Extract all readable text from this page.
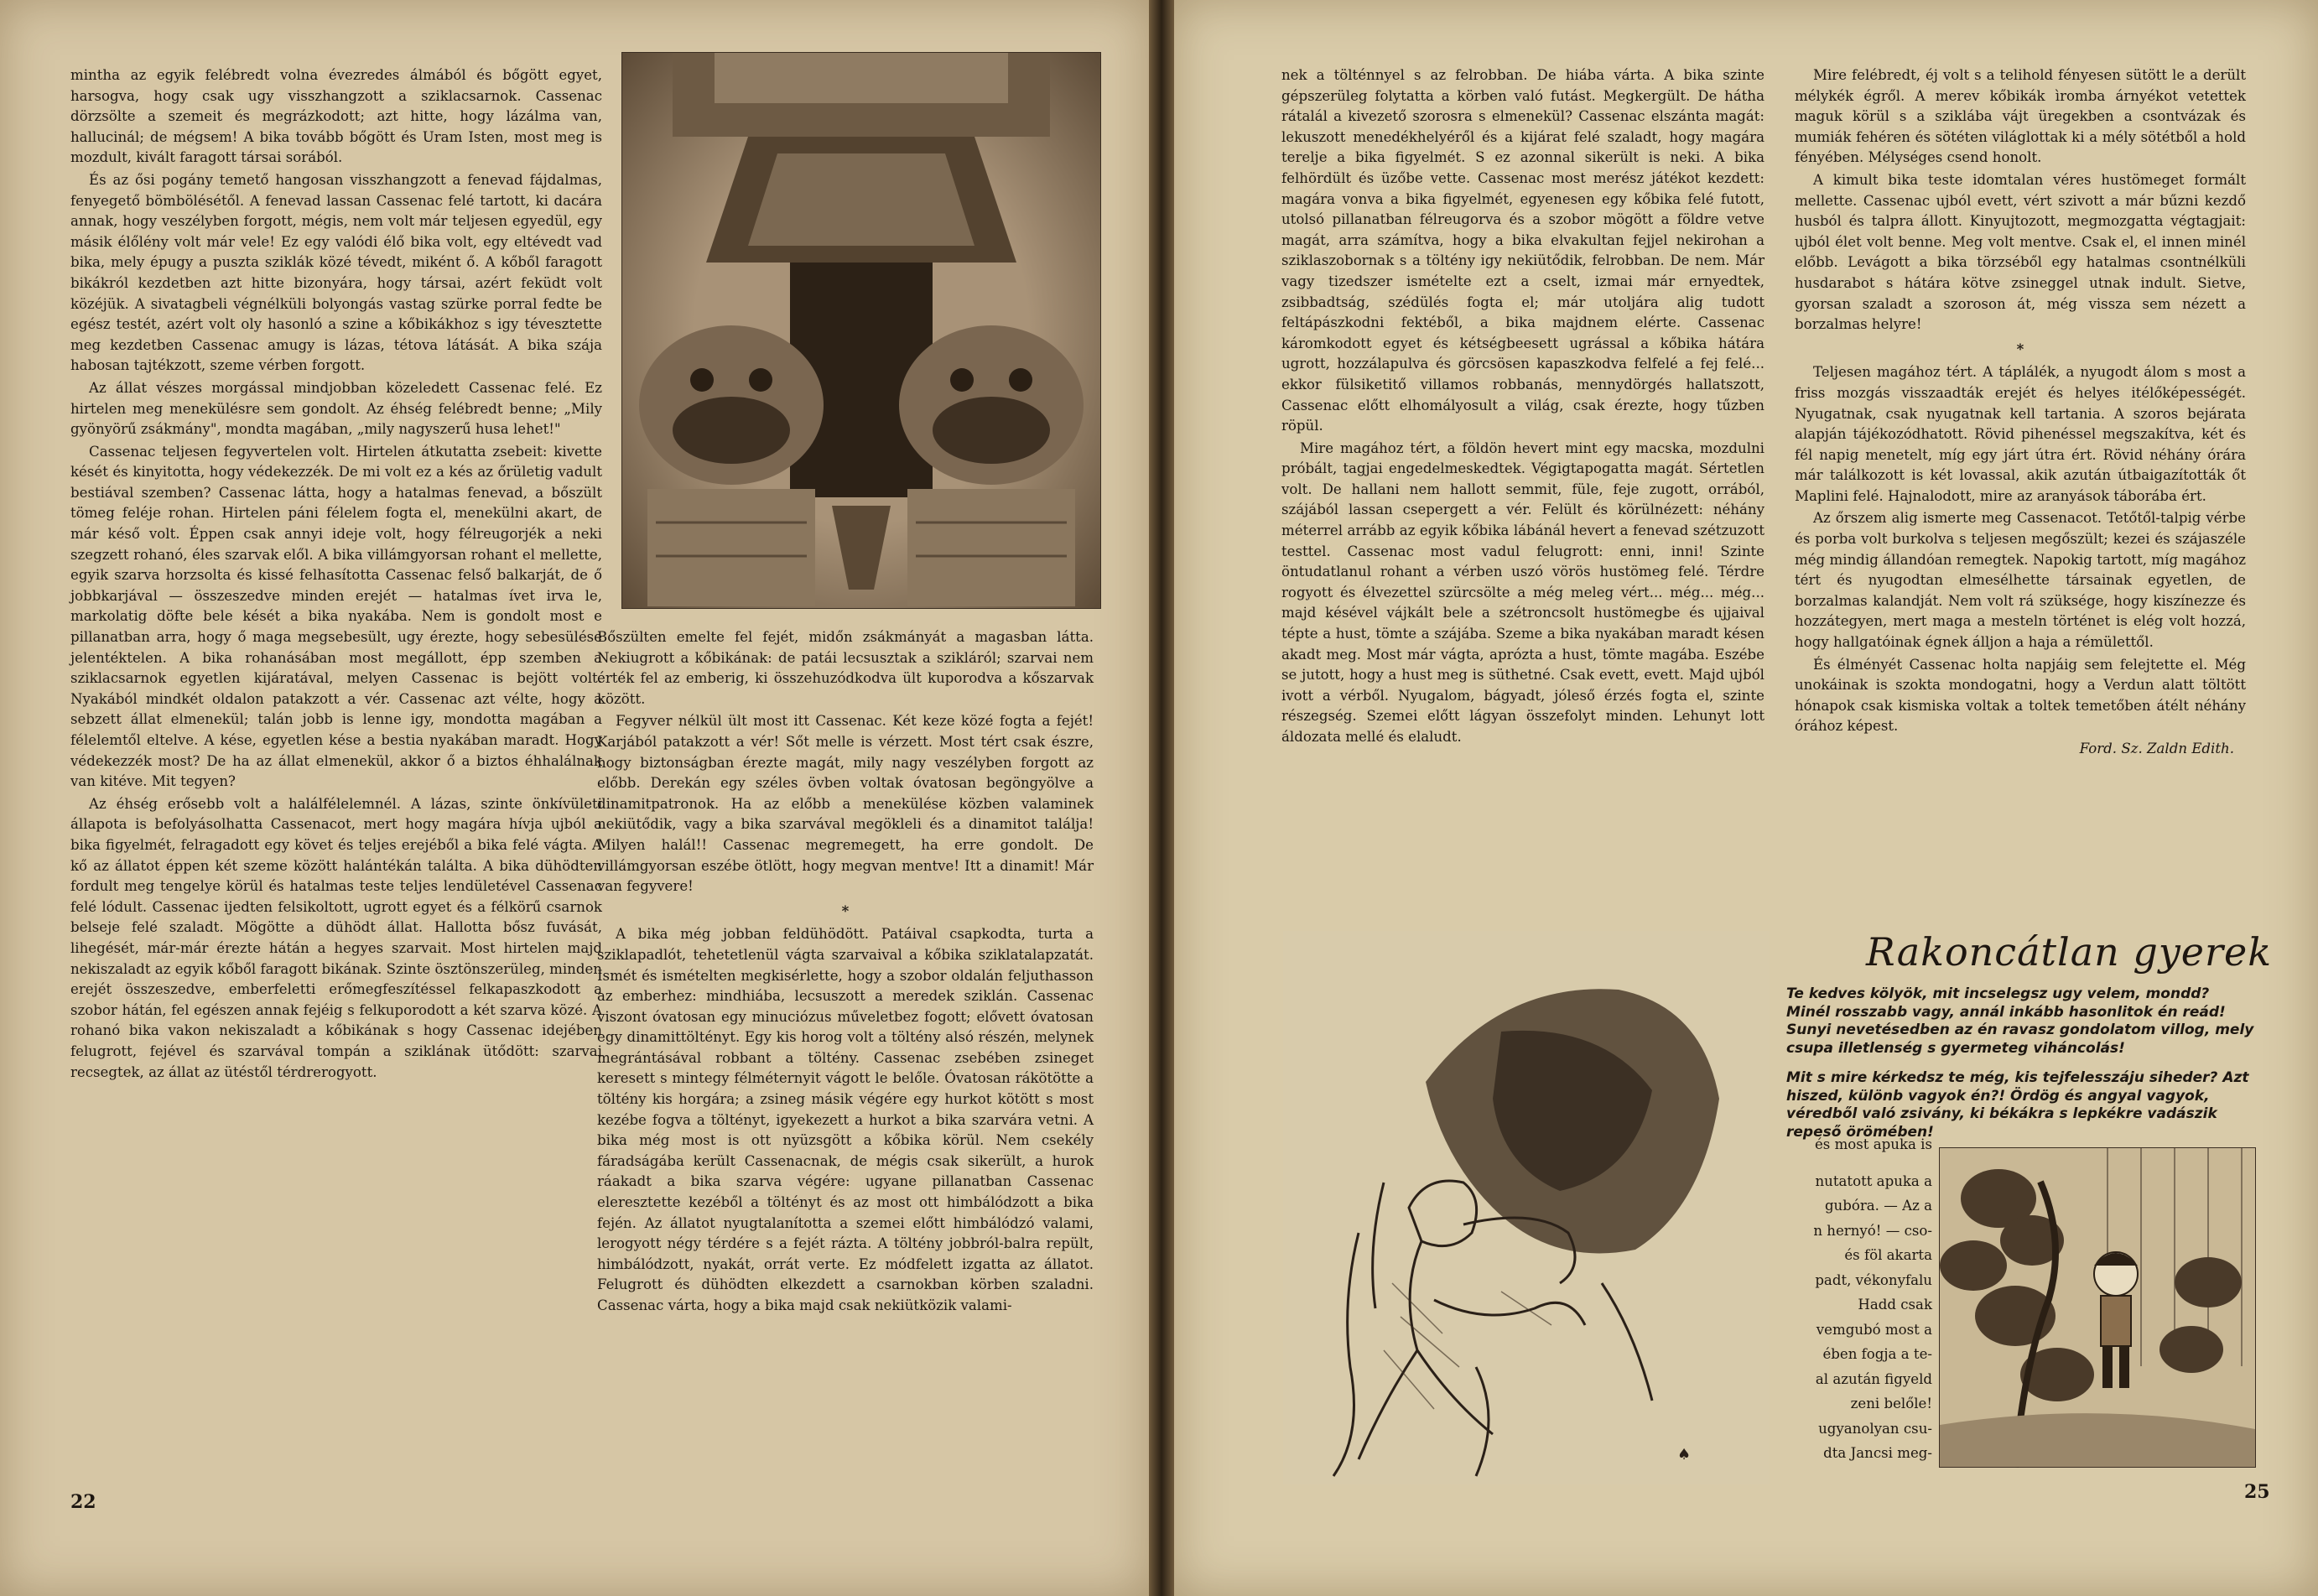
mintha az egyik felébredt volna évezredes álmából és bőgött egyet, harsogva, hogy csak ugy visszhangzott a sziklacsarnok. Cassenac dörzsölte a szemeit és megrázkodott; azt hitte, hogy lázálma van, hallucinál; de mégsem! A bika tovább bőgött és Uram Isten, most meg is mozdult, kivált faragott társai sorából.

És az ősi pogány temető hangosan visszhangzott a fenevad fájdalmas, fenyegető bömbölésétől. A fenevad lassan Cassenac felé tartott, ki dacára annak, hogy veszélyben forgott, mégis, nem volt már teljesen egyedül, egy másik élőlény volt már vele! Ez egy valódi élő bika volt, egy eltévedt vad bika, mely épugy a puszta sziklák közé tévedt, miként ő. A kőből faragott bikákról kezdetben azt hitte bizonyára, hogy társai, azért feküdt volt közéjük. A sivatagbeli végnélküli bolyongás vastag szürke porral fedte be egész testét, azért volt oly hasonló a szine a kőbikákhoz s igy tévesztette meg kezdetben Cassenac amugy is lázas, tétova látását. A bika szája habosan tajtékzott, szeme vérben forgott.

Az állat vészes morgással mindjobban közeledett Cassenac felé. Ez hirtelen meg menekülésre sem gondolt. Az éhség felébredt benne; „Mily gyönyörű zsákmány", mondta magában, „mily nagyszerű husa lehet!"

Cassenac teljesen fegyvertelen volt. Hirtelen átkutatta zsebeit: kivette kését és kinyitotta, hogy védekezzék. De mi volt ez a kés az őrületig vadult bestiával szemben? Cassenac látta, hogy a hatalmas fenevad, a bőszült tömeg feléje rohan. Hirtelen páni félelem fogta el, menekülni akart, de már késő volt. Éppen csak annyi ideje volt, hogy félreugorjék a neki szegzett rohanó, éles szarvak elől. A bika villámgyorsan rohant el mellette, egyik szarva horzsolta és kissé felhasította Cassenac felső balkarját, de ő jobbkarjával — összeszedve minden erejét — hatalmas ívet irva le, markolatig döfte bele kését a bika nyakába. Nem is gondolt most e pillanatban arra, hogy ő maga megsebesült, ugy érezte, hogy sebesülése jelentéktelen. A bika rohanásában most megállott, épp szemben a sziklacsarnok egyetlen kijáratával, melyen Cassenac is bejött volt. Nyakából mindkét oldalon patakzott a vér. Cassenac azt vélte, hogy a sebzett állat elmenekül; talán jobb is lenne igy, mondotta magában a félelemtől eltelve. A kése, egyetlen kése a bestia nyakában maradt. Hogy védekezzék most? De ha az állat elmenekül, akkor ő a biztos éhhalálnak van kitéve. Mit tegyen?

Az éhség erősebb volt a halálfélelemnél. A lázas, szinte önkívületi állapota is befolyásolhatta Cassenacot, mert hogy magára hívja ujból a bika figyelmét, felragadott egy követ és teljes erejéből a bika felé vágta. A kő az állatot éppen két szeme között halántékán találta. A bika dühödten fordult meg tengelye körül és hatalmas teste teljes lendületével Cassenac felé lódult. Cassenac ijedten felsikoltott, ugrott egyet és a félkörű csarnok belseje felé szaladt. Mögötte a dühödt állat. Hallotta bősz fuvását, lihegését, már-már érezte hátán a hegyes szarvait. Most hirtelen majd nekiszaladt az egyik kőből faragott bikának. Szinte ösztönszerüleg, minden erejét összeszedve, emberfeletti erőmegfeszítéssel felkapaszkodott a szobor hátán, fel egészen annak fejéig s felkuporodott a két szarva közé. A rohanó bika vakon nekiszaladt a kőbikának s hogy Cassenac idejében felugrott, fejével és szarvával tompán a sziklának ütődött: szarvai recsegtek, az állat az ütéstől térdrerogyott.

Bőszülten emelte fel fejét, midőn zsákmányát a magasban látta. Nekiugrott a kőbikának: de patái lecsusztak a szikláról; szarvai nem érték fel az emberig, ki összehuzódkodva ült kuporodva a kőszarvak között.

Fegyver nélkül ült most itt Cassenac. Két keze közé fogta a fejét! Karjából patakzott a vér! Sőt melle is vérzett. Most tért csak észre, hogy biztonságban érezte magát, mily nagy veszélyben forgott az előbb. Derekán egy széles övben voltak óvatosan begöngyölve a dinamitpatronok. Ha az előbb a menekülése közben valaminek nekiütődik, vagy a bika szarvával megökleli és a dinamitot találja! Milyen halál!! Cassenac megremegett, ha erre gondolt. De villámgyorsan eszébe ötlött, hogy megvan mentve! Itt a dinamit! Már van fegyvere!

*

A bika még jobban feldühödött. Patáival csapkodta, turta a sziklapadlót, tehetetlenül vágta szarvaival a kőbika sziklatalapzatát. Ismét és ismételten megkisérlette, hogy a szobor oldalán feljuthasson az emberhez: mindhiába, lecsuszott a meredek sziklán. Cassenac viszont óvatosan egy minuciózus műveletbez fogott; elővett óvatosan egy dinamittöltényt. Egy kis horog volt a töltény alsó részén, melynek megrántásával robbant a töltény. Cassenac zsebében zsineget keresett s mintegy félméternyit vágott le belőle. Óvatosan rákötötte a töltény kis horgára; a zsineg másik végére egy hurkot kötött s most kezébe fogva a töltényt, igyekezett a hurkot a bika szarvára vetni. A bika még most is ott nyüzsgött a kőbika körül. Nem csekély fáradságába került Cassenacnak, de mégis csak sikerült, a hurok ráakadt a bika szarva végére: ugyane pillanatban Cassenac eleresztette kezéből a töltényt és az most ott himbálódzott a bika fején. Az állatot nyugtalanította a szemei előtt himbálódzó valami, lerogyott négy térdére s a fejét rázta. A töltény jobbról-balra repült, himbálódzott, nyakát, orrát verte. Ez módfelett izgatta az állatot. Felugrott és dühödten elkezdett a csarnokban körben szaladni. Cassenac várta, hogy a bika majd csak nekiütközik valami-

22

nek a tölténnyel s az felrobban. De hiába várta. A bika szinte gépszerüleg folytatta a körben való futást. Megkergült. De hátha rátalál a kivezető szorosra s elmenekül? Cassenac elszánta magát: lekuszott menedékhelyéről és a kijárat felé szaladt, hogy magára terelje a bika figyelmét. S ez azonnal sikerült is neki. A bika felhördült és üzőbe vette. Cassenac most merész játékot kezdett: magára vonva a bika figyelmét, egyenesen egy kőbika felé futott, utolsó pillanatban félreugorva és a szobor mögött a földre vetve magát, arra számítva, hogy a bika elvakultan fejjel nekirohan a sziklaszobornak s a töltény igy nekiütődik, felrobban. De nem. Már vagy tizedszer ismételte ezt a cselt, izmai már ernyedtek, zsibbadtság, szédülés fogta el; már utoljára alig tudott feltápászkodni fektéből, a bika majdnem elérte. Cassenac káromkodott egyet és kétségbeesett ugrással a kőbika hátára ugrott, hozzálapulva és görcsösen kapaszkodva felfelé a fej felé... ekkor fülsiketitő villamos robbanás, mennydörgés hallatszott, Cassenac előtt elhomályosult a világ, csak érezte, hogy tűzben röpül.

Mire magához tért, a földön hevert mint egy macska, mozdulni próbált, tagjai engedelmeskedtek. Végigtapogatta magát. Sértetlen volt. De hallani nem hallott semmit, füle, feje zugott, orrából, szájából lassan csepergett a vér. Felült és körülnézett: néhány méterrel arrább az egyik kőbika lábánál hevert a fenevad szétzuzott testtel. Cassenac most vadul felugrott: enni, inni! Szinte öntudatlanul rohant a vérben uszó vörös hustömeg felé. Térdre rogyott és élvezettel szürcsölte a még meleg vért... még... még... majd késével vájkált bele a szétroncsolt hustömegbe és ujjaival tépte a hust, tömte a szájába. Szeme a bika nyakában maradt késen akadt meg. Most már vágta, aprózta a hust, tömte magába. Eszébe se jutott, hogy a hust meg is süthetné. Csak evett, evett. Majd ujból ivott a vérből. Nyugalom, bágyadt, jóleső érzés fogta el, szinte részegség. Szemei előtt lágyan összefolyt minden. Lehunyt lott áldozata mellé és elaludt.

Mire felébredt, éj volt s a telihold fényesen sütött le a derült mélykék égről. A merev kőbikák ìromba árnyékot vetettek maguk körül s a sziklába vájt üregekben a csontvázak és mumiák fehéren és sötéten világlottak ki a mély sötétből a hold fényében. Mélységes csend honolt.

A kimult bika teste idomtalan véres hustömeget formált mellette. Cassenac ujból evett, vért szivott a már bűzni kezdő husból és talpra állott. Kinyujtozott, megmozgatta végtagjait: ujból élet volt benne. Meg volt mentve. Csak el, el innen minél előbb. Levágott a bika törzséből egy hatalmas csontnélküli husdarabot s hátára kötve zsineggel utnak indult. Sietve, gyorsan szaladt a szoroson át, még vissza sem nézett a borzalmas helyre!

*

Teljesen magához tért. A táplálék, a nyugodt álom s most a friss mozgás visszaadták erejét és helyes itélőképességét. Nyugatnak, csak nyugatnak kell tartania. A szoros bejárata alapján tájékozódhatott. Rövid pihenéssel megszakítva, két és fél napig menetelt, míg egy járt útra ért. Rövid néhány órára már találkozott is két lovassal, akik azután útbaigazították őt Maplini felé. Hajnalodott, mire az aranyások táborába ért.

Az őrszem alig ismerte meg Cassenacot. Tetőtől-talpig vérbe és porba volt burkolva s teljesen megőszült; kezei és szájaszéle még mindig állandóan remegtek. Napokig tartott, míg magához tért és nyugodtan elmesélhette társainak egyetlen, de borzalmas kalandját. Nem volt rá szüksége, hogy kiszínezze és hozzátegyen, mert maga a mesteln történet is elég volt hozzá, hogy hallgatóinak égnek álljon a haja a rémülettől.

És élményét Cassenac holta napjáig sem felejtette el. Még unokáinak is szokta mondogatni, hogy a Verdun alatt töltött hónapok csak kismiska voltak a toltek temetőben átélt néhány órához képest.

Ford. Sz. Zaldn Edith.

♠
Rakoncátlan gyerek

Te kedves kölyök, mit incselegsz ugy velem, mondd? Minél rosszabb vagy, annál inkább hasonlitok én reád! Sunyi nevetésedben az én ravasz gondolatom villog, mely csupa illetlenség s gyermeteg viháncolás!

Mit s mire kérkedsz te még, kis tejfelesszáju siheder? Azt hiszed, különb vagyok én?! Ördög és angyal vagyok, véredből való zsivány, ki békákra s lepkékre vadászik repeső örömében!

és most apuka is
nutatott apuka a
gubóra. — Az a
n hernyó! — cso-
és föl akarta
padt, vékonyfalu
Hadd csak
vemgubó most a
ében fogja a te-
al azután figyeld
zeni belőle!
ugyanolyan csu-
dta Jancsi meg-
25
